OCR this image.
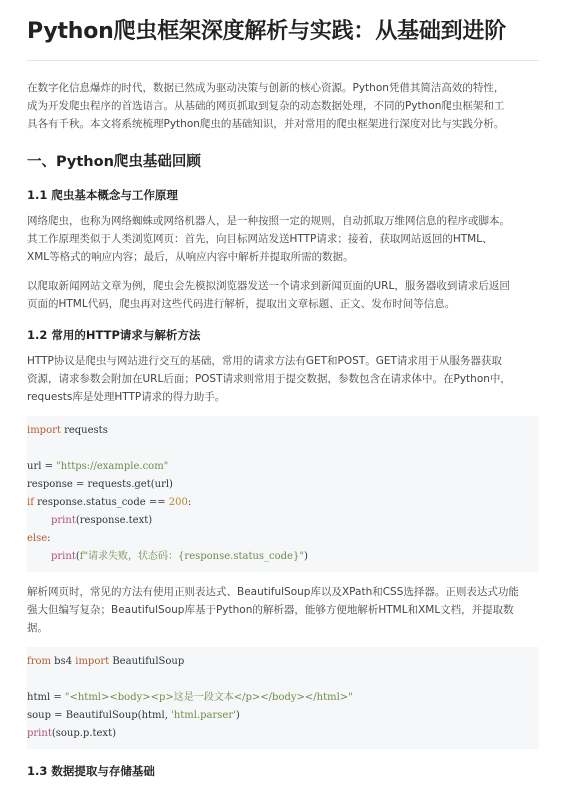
Python爬虫框架深度解析与实践：从基础到进阶
在数字化信息爆炸的时代，数据已然成为驱动决策与创新的核心资源。Python凭借其简洁高效的特性，
成为开发爬虫程序的首选语言。从基础的网页抓取到复杂的动态数据处理，不同的Python爬虫框架和工
具各有千秋。本文将系统梳理Python爬虫的基础知识，并对常用的爬虫框架进行深度对比与实践分析。
一、Python爬虫基础回顾
1.1 爬虫基本概念与工作原理
网络爬虫，也称为网络蜘蛛或网络机器人，是一种按照一定的规则，自动抓取万维网信息的程序或脚本。
其工作原理类似于人类浏览网页：首先，向目标网站发送HTTP请求；接着，获取网站返回的HTML、
XML等格式的响应内容；最后，从响应内容中解析并提取所需的数据。
以爬取新闻网站文章为例，爬虫会先模拟浏览器发送一个请求到新闻页面的URL，服务器收到请求后返回
页面的HTML代码，爬虫再对这些代码进行解析，提取出文章标题、正文、发布时间等信息。
1.2 常用的HTTP请求与解析方法
HTTP协议是爬虫与网站进行交互的基础，常用的请求方法有GET和POST。GET请求用于从服务器获取
资源，请求参数会附加在URL后面；POST请求则常用于提交数据，参数包含在请求体中。在Python中，
requests库是处理HTTP请求的得力助手。
import requests
url = "https://example.com"
response = requests.get(url)
if response.status_code == 200:
print(response.text)
else:
print(f"请求失败，状态码：{response.status_code}")
解析网页时，常见的方法有使用正则表达式、BeautifulSoup库以及XPath和CSS选择器。正则表达式功能
强大但编写复杂；BeautifulSoup库基于Python的解析器，能够方便地解析HTML和XML文档，并提取数
据。
from bs4 import BeautifulSoup
html = "<html><body><p>这是一段文本</p></body></html>"
soup = BeautifulSoup(html, 'html.parser')
print(soup.p.text)
1.3 数据提取与存储基础
